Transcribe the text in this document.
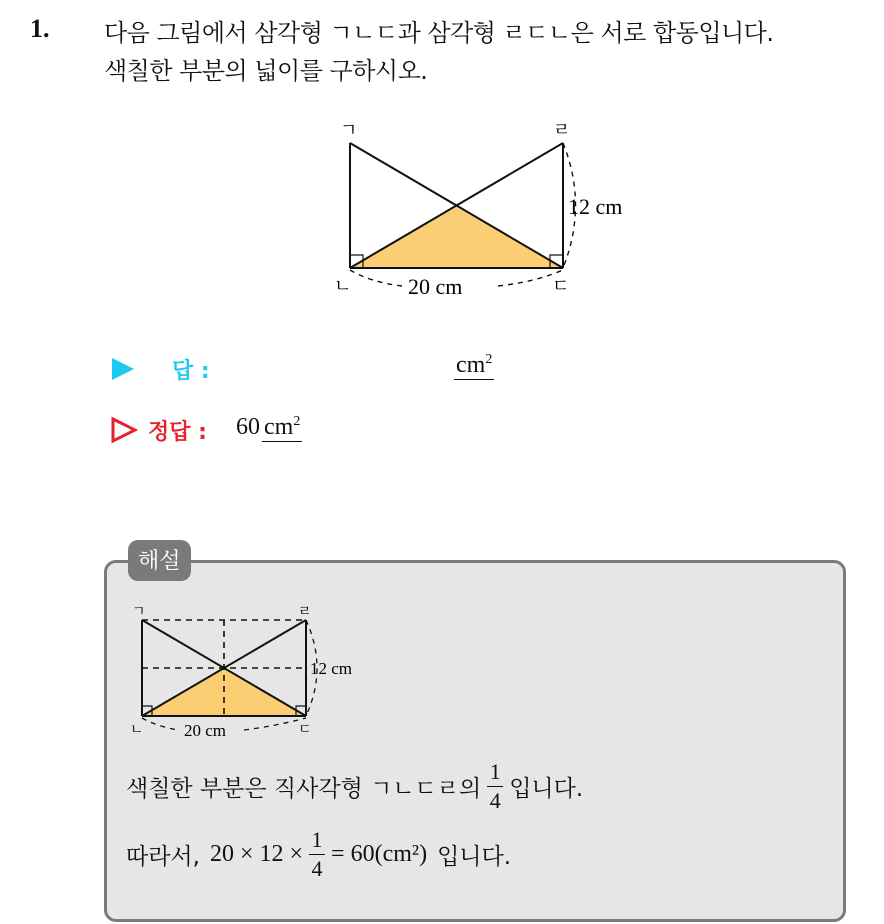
1. 다음 그림에서 삼각형 ㄱㄴㄷ과 삼각형 ㄹㄷㄴ은 서로 합동입니다.
색칠한 부분의 넓이를 구하시오.
ㄱ	ㄹ
ㄴ	ㄷ
12 cm
20 cm
답 :	$cm^2$
정답 : 60 $cm^2$
해설
ㄱ	ㄹ
ㄴ	ㄷ
12 cm
20 cm
색칠한 부분은 직사각형 ㄱㄴㄷㄹ의 $\frac{1}{4}$ 입니다.
따라서, $20 \times 12 \times \frac{1}{4} = 60(cm^2)$ 입니다.
